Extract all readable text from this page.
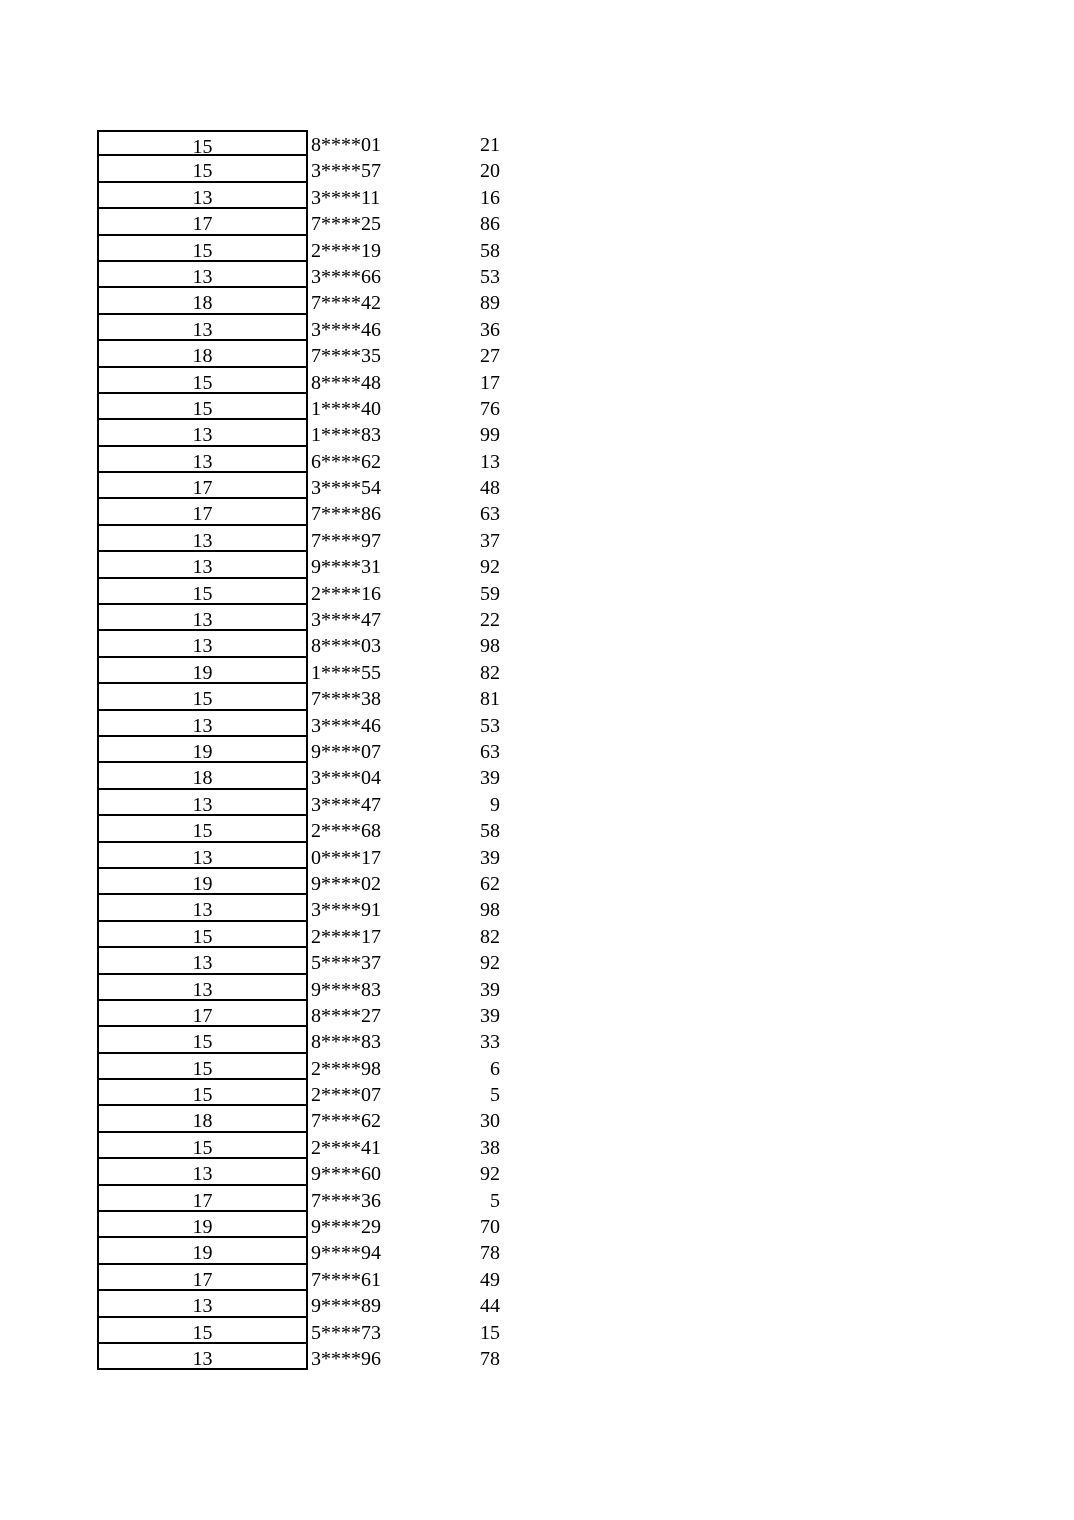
15	8****01	21
15	3****57	20
13	3****11	16
17	7****25	86
15	2****19	58
13	3****66	53
18	7****42	89
13	3****46	36
18	7****35	27
15	8****48	17
15	1****40	76
13	1****83	99
13	6****62	13
17	3****54	48
17	7****86	63
13	7****97	37
13	9****31	92
15	2****16	59
13	3****47	22
13	8****03	98
19	1****55	82
15	7****38	81
13	3****46	53
19	9****07	63
18	3****04	39
13	3****47	9
15	2****68	58
13	0****17	39
19	9****02	62
13	3****91	98
15	2****17	82
13	5****37	92
13	9****83	39
17	8****27	39
15	8****83	33
15	2****98	6
15	2****07	5
18	7****62	30
15	2****41	38
13	9****60	92
17	7****36	5
19	9****29	70
19	9****94	78
17	7****61	49
13	9****89	44
15	5****73	15
13	3****96	78
